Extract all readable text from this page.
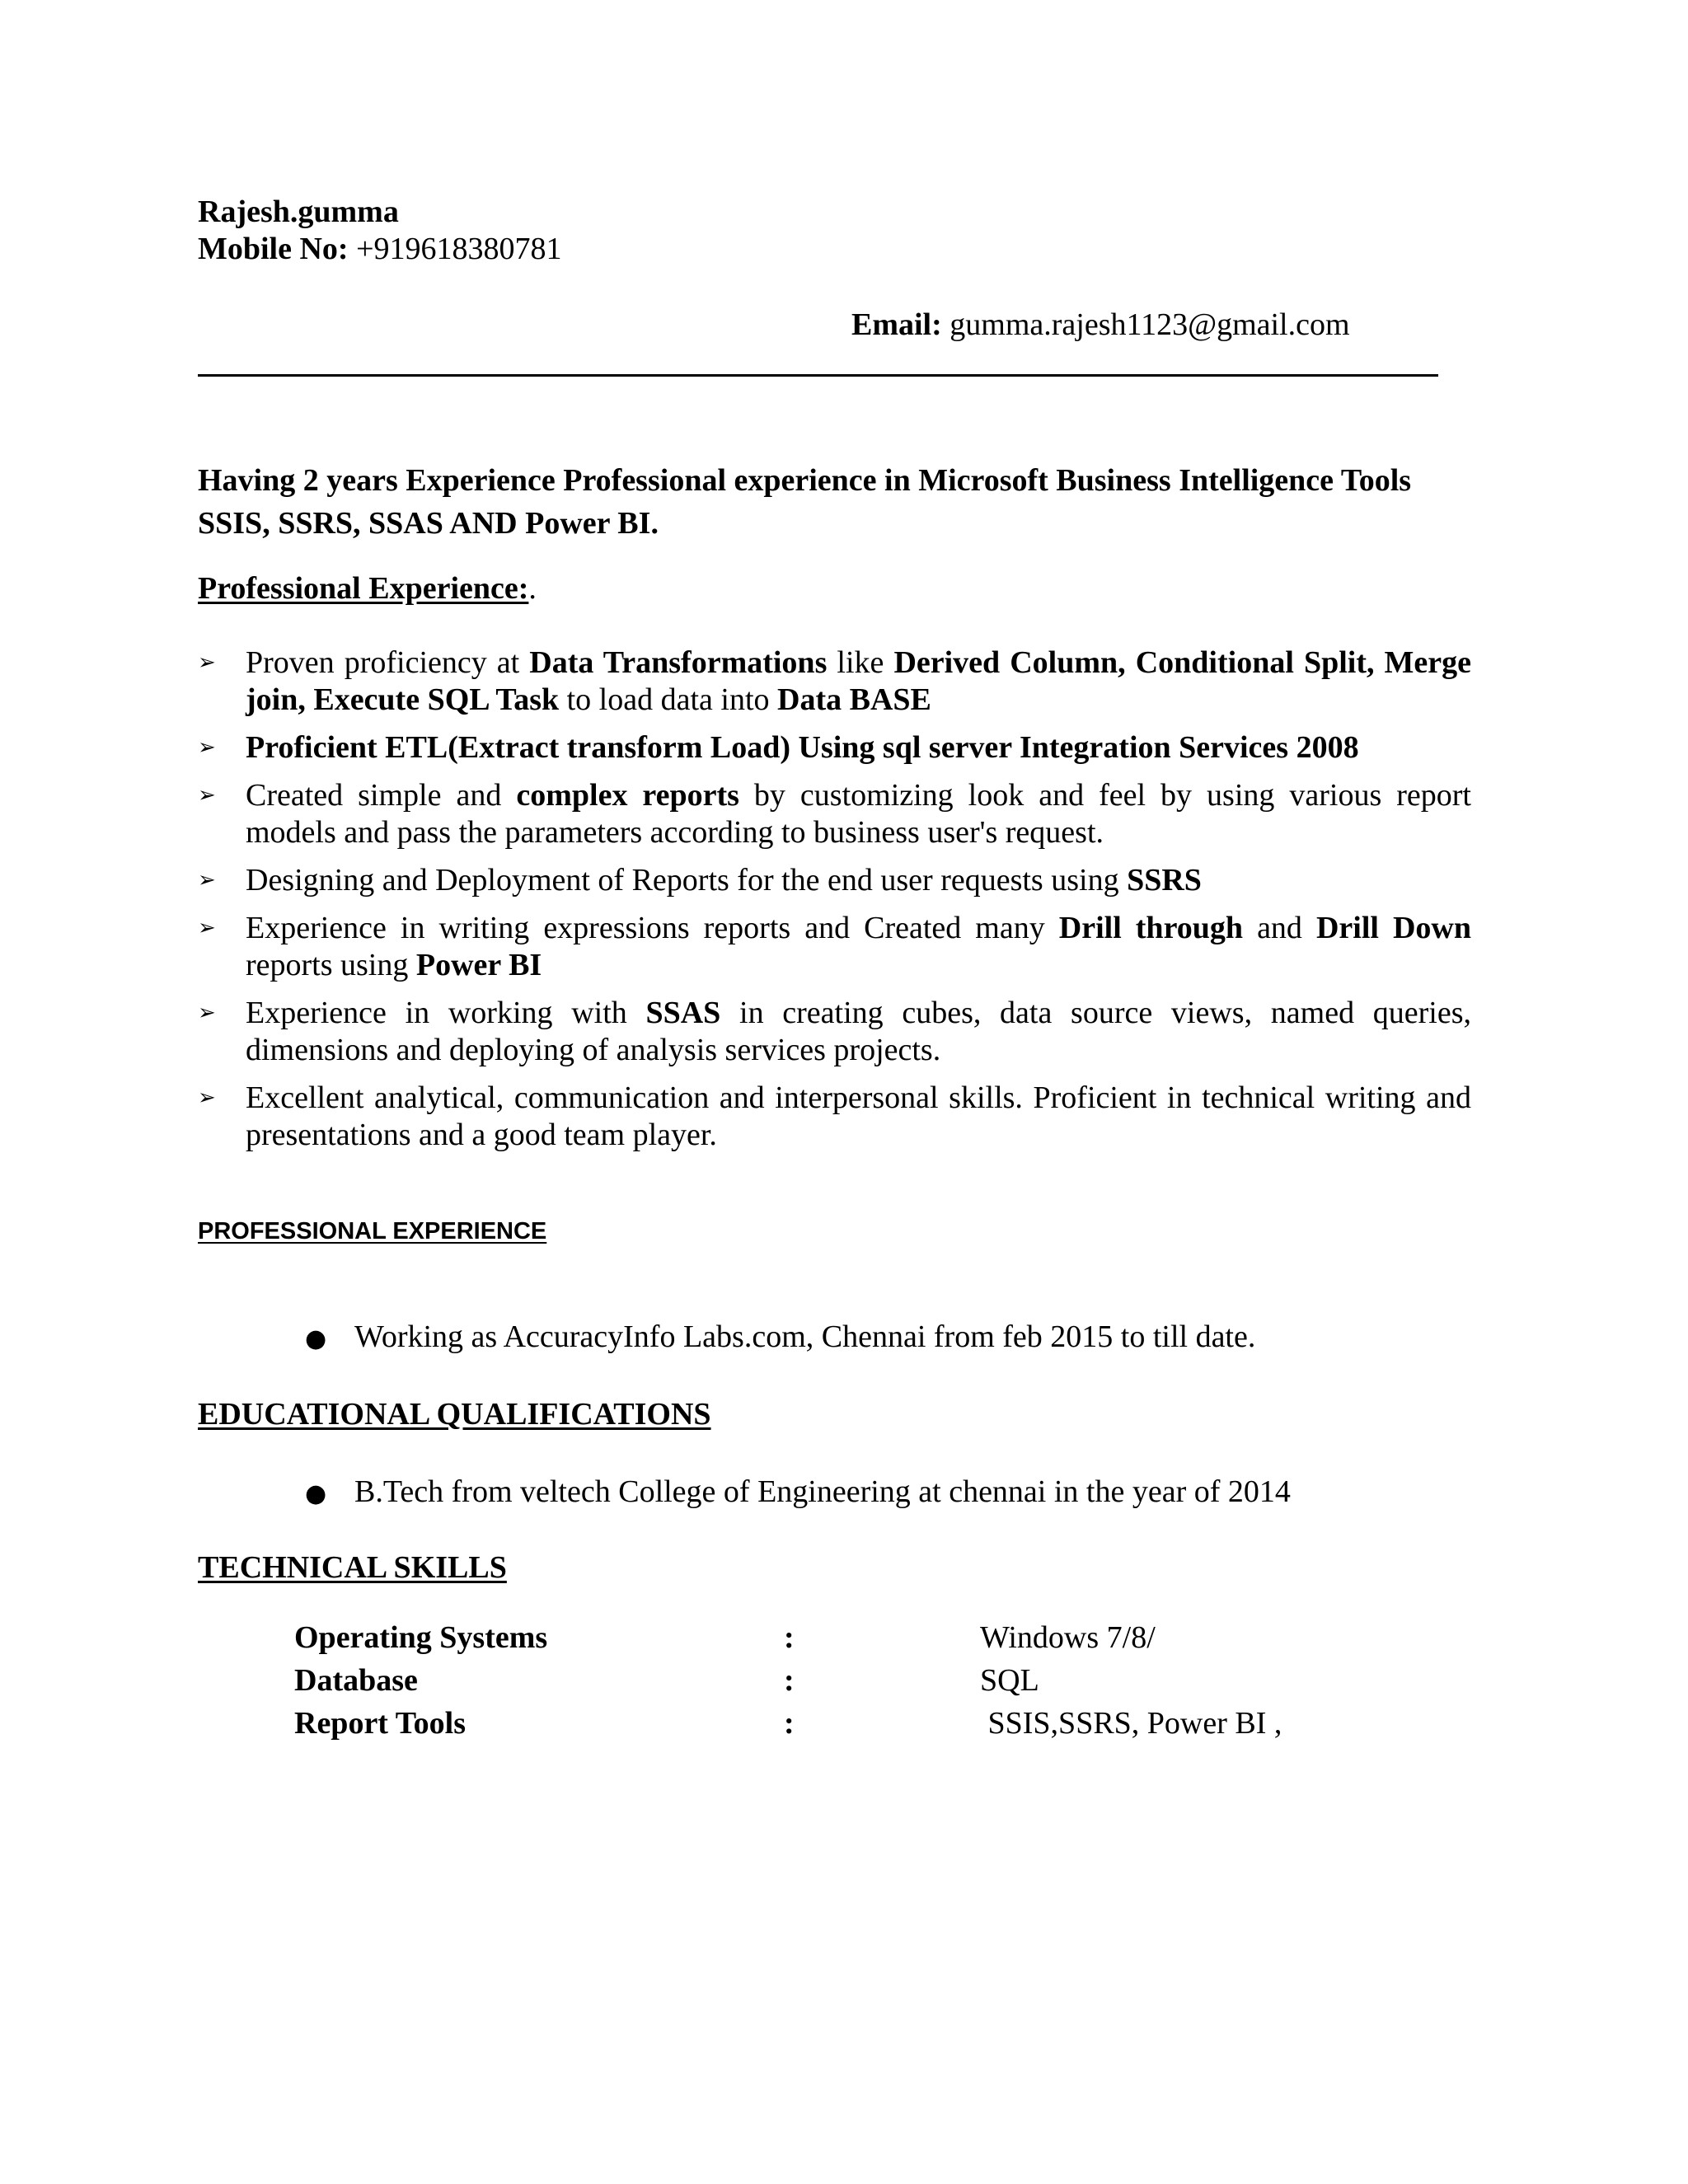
Rajesh.gumma
Mobile No: +919618380781
Email: gumma.rajesh1123@gmail.com
Having 2 years Experience Professional experience in Microsoft Business Intelligence Tools SSIS, SSRS, SSAS AND Power BI.
Professional Experience:.
➢ Proven proficiency at Data Transformations like Derived Column, Conditional Split, Merge join, Execute SQL Task to load data into Data BASE
➢ Proficient ETL(Extract transform Load) Using sql server Integration Services 2008
➢ Created simple and complex reports by customizing look and feel by using various report models and pass the parameters according to business user's request.
➢ Designing and Deployment of Reports for the end user requests using SSRS
➢ Experience in writing expressions reports and Created many Drill through and Drill Down reports using Power BI
➢ Experience in working with SSAS in creating cubes, data source views, named queries, dimensions and deploying of analysis services projects.
➢ Excellent analytical, communication and interpersonal skills. Proficient in technical writing and presentations and a good team player.
PROFESSIONAL EXPERIENCE
● Working as AccuracyInfo Labs.com, Chennai from feb 2015 to till date.
EDUCATIONAL QUALIFICATIONS
● B.Tech from veltech College of Engineering at chennai in the year of 2014
TECHNICAL SKILLS
Operating Systems	:	Windows 7/8/
Database	:	SQL
Report Tools	:	SSIS,SSRS, Power BI ,
